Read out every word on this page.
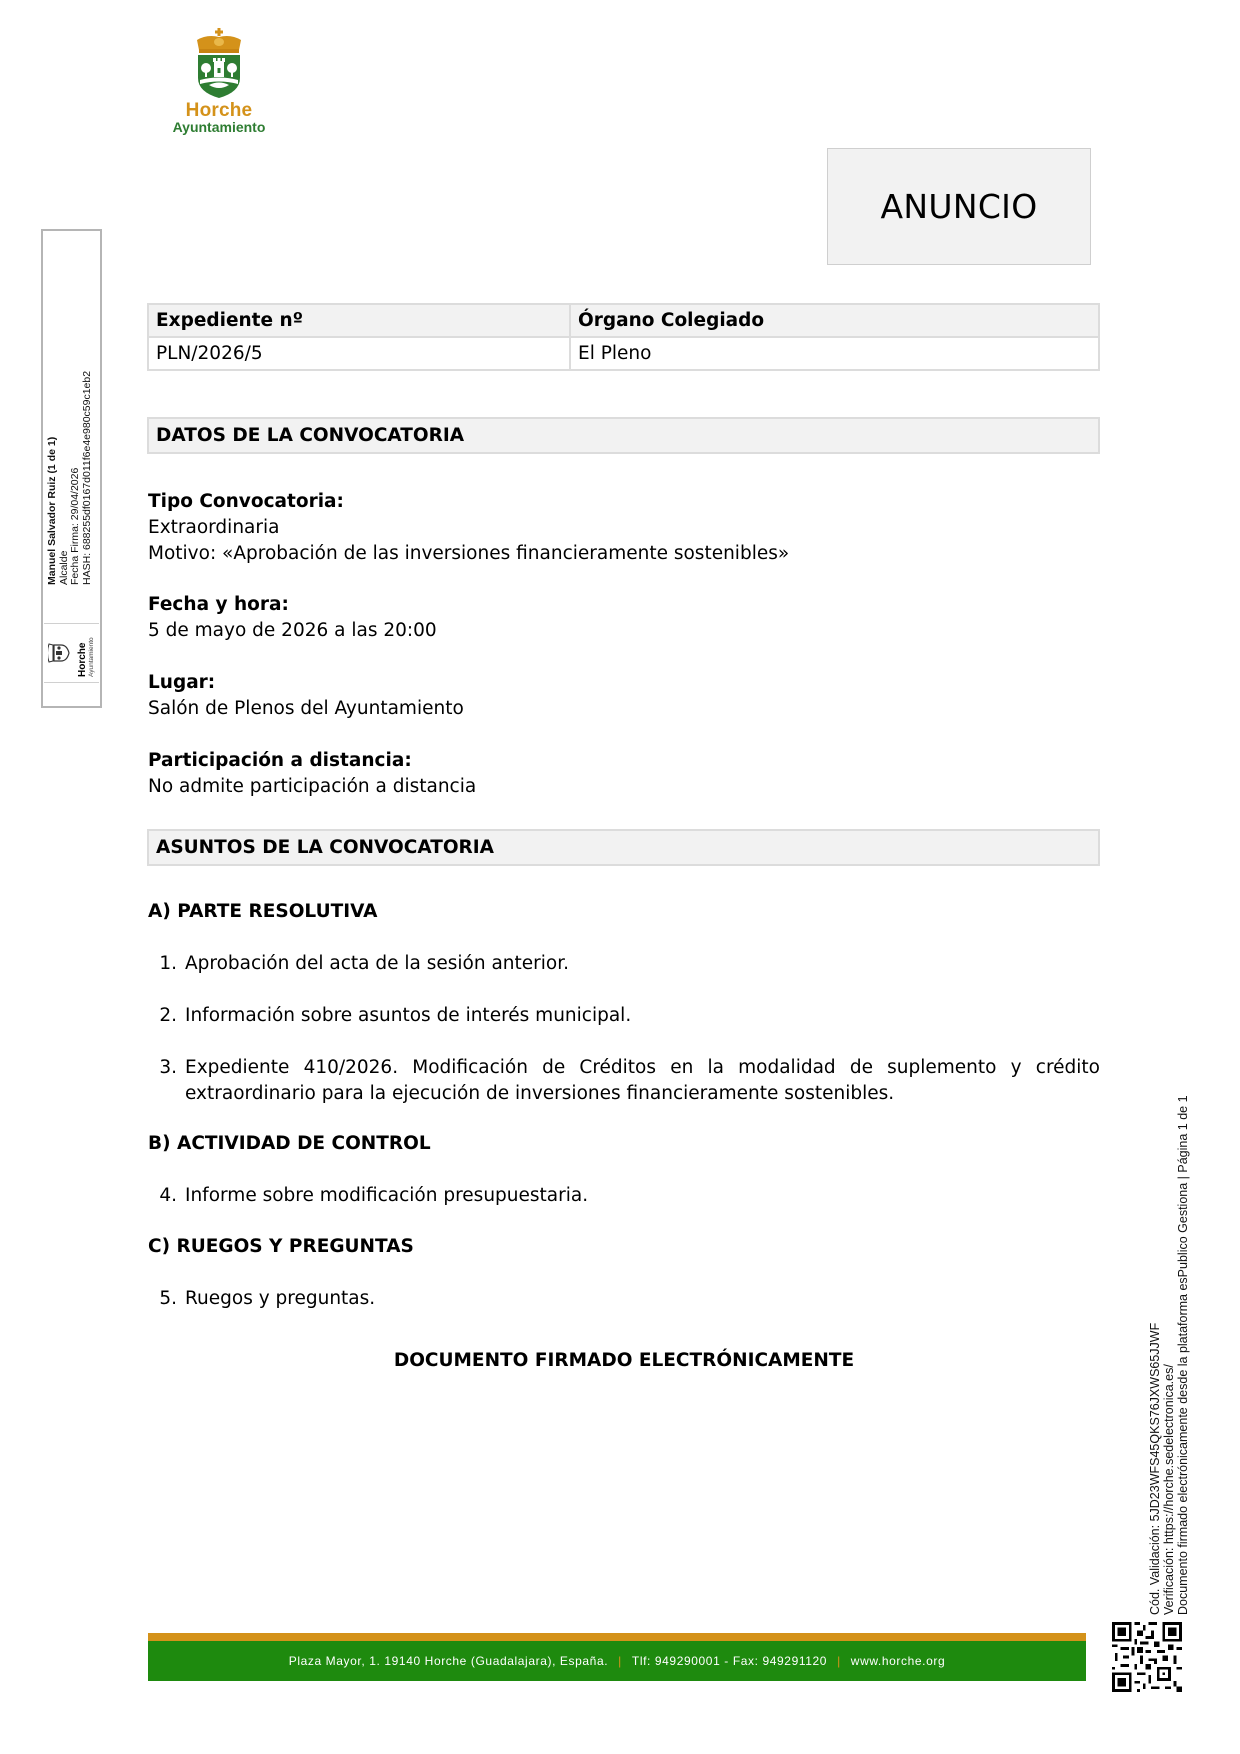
Horche
Ayuntamiento
ANUNCIO
Expediente nº	Órgano Colegiado
PLN/2026/5	El Pleno
DATOS DE LA CONVOCATORIA
Tipo Convocatoria:
Extraordinaria
Motivo: «Aprobación de las inversiones financieramente sostenibles»
Fecha y hora:
5 de mayo de 2026 a las 20:00
Lugar:
Salón de Plenos del Ayuntamiento
Participación a distancia:
No admite participación a distancia
ASUNTOS DE LA CONVOCATORIA
A) PARTE RESOLUTIVA
1. Aprobación del acta de la sesión anterior.
2. Información sobre asuntos de interés municipal.
3. Expediente 410/2026. Modificación de Créditos en la modalidad de suplemento y crédito extraordinario para la ejecución de inversiones financieramente sostenibles.
B) ACTIVIDAD DE CONTROL
4. Informe sobre modificación presupuestaria.
C) RUEGOS Y PREGUNTAS
5. Ruegos y preguntas.
DOCUMENTO FIRMADO ELECTRÓNICAMENTE
Manuel Salvador Ruiz (1 de 1) Alcalde Fecha Firma: 29/04/2026 HASH: 688255df0167d011f6e4e980c59c1eb2
Horche Ayuntamiento
Cód. Validación: 5JD23WFS45QKS76JXWS65JJWF Verificación: https://horche.sedelectronica.es/ Documento firmado electrónicamente desde la plataforma esPublico Gestiona | Página 1 de 1
Plaza Mayor, 1. 19140 Horche (Guadalajara), España. | Tlf: 949290001 - Fax: 949291120 | www.horche.org
